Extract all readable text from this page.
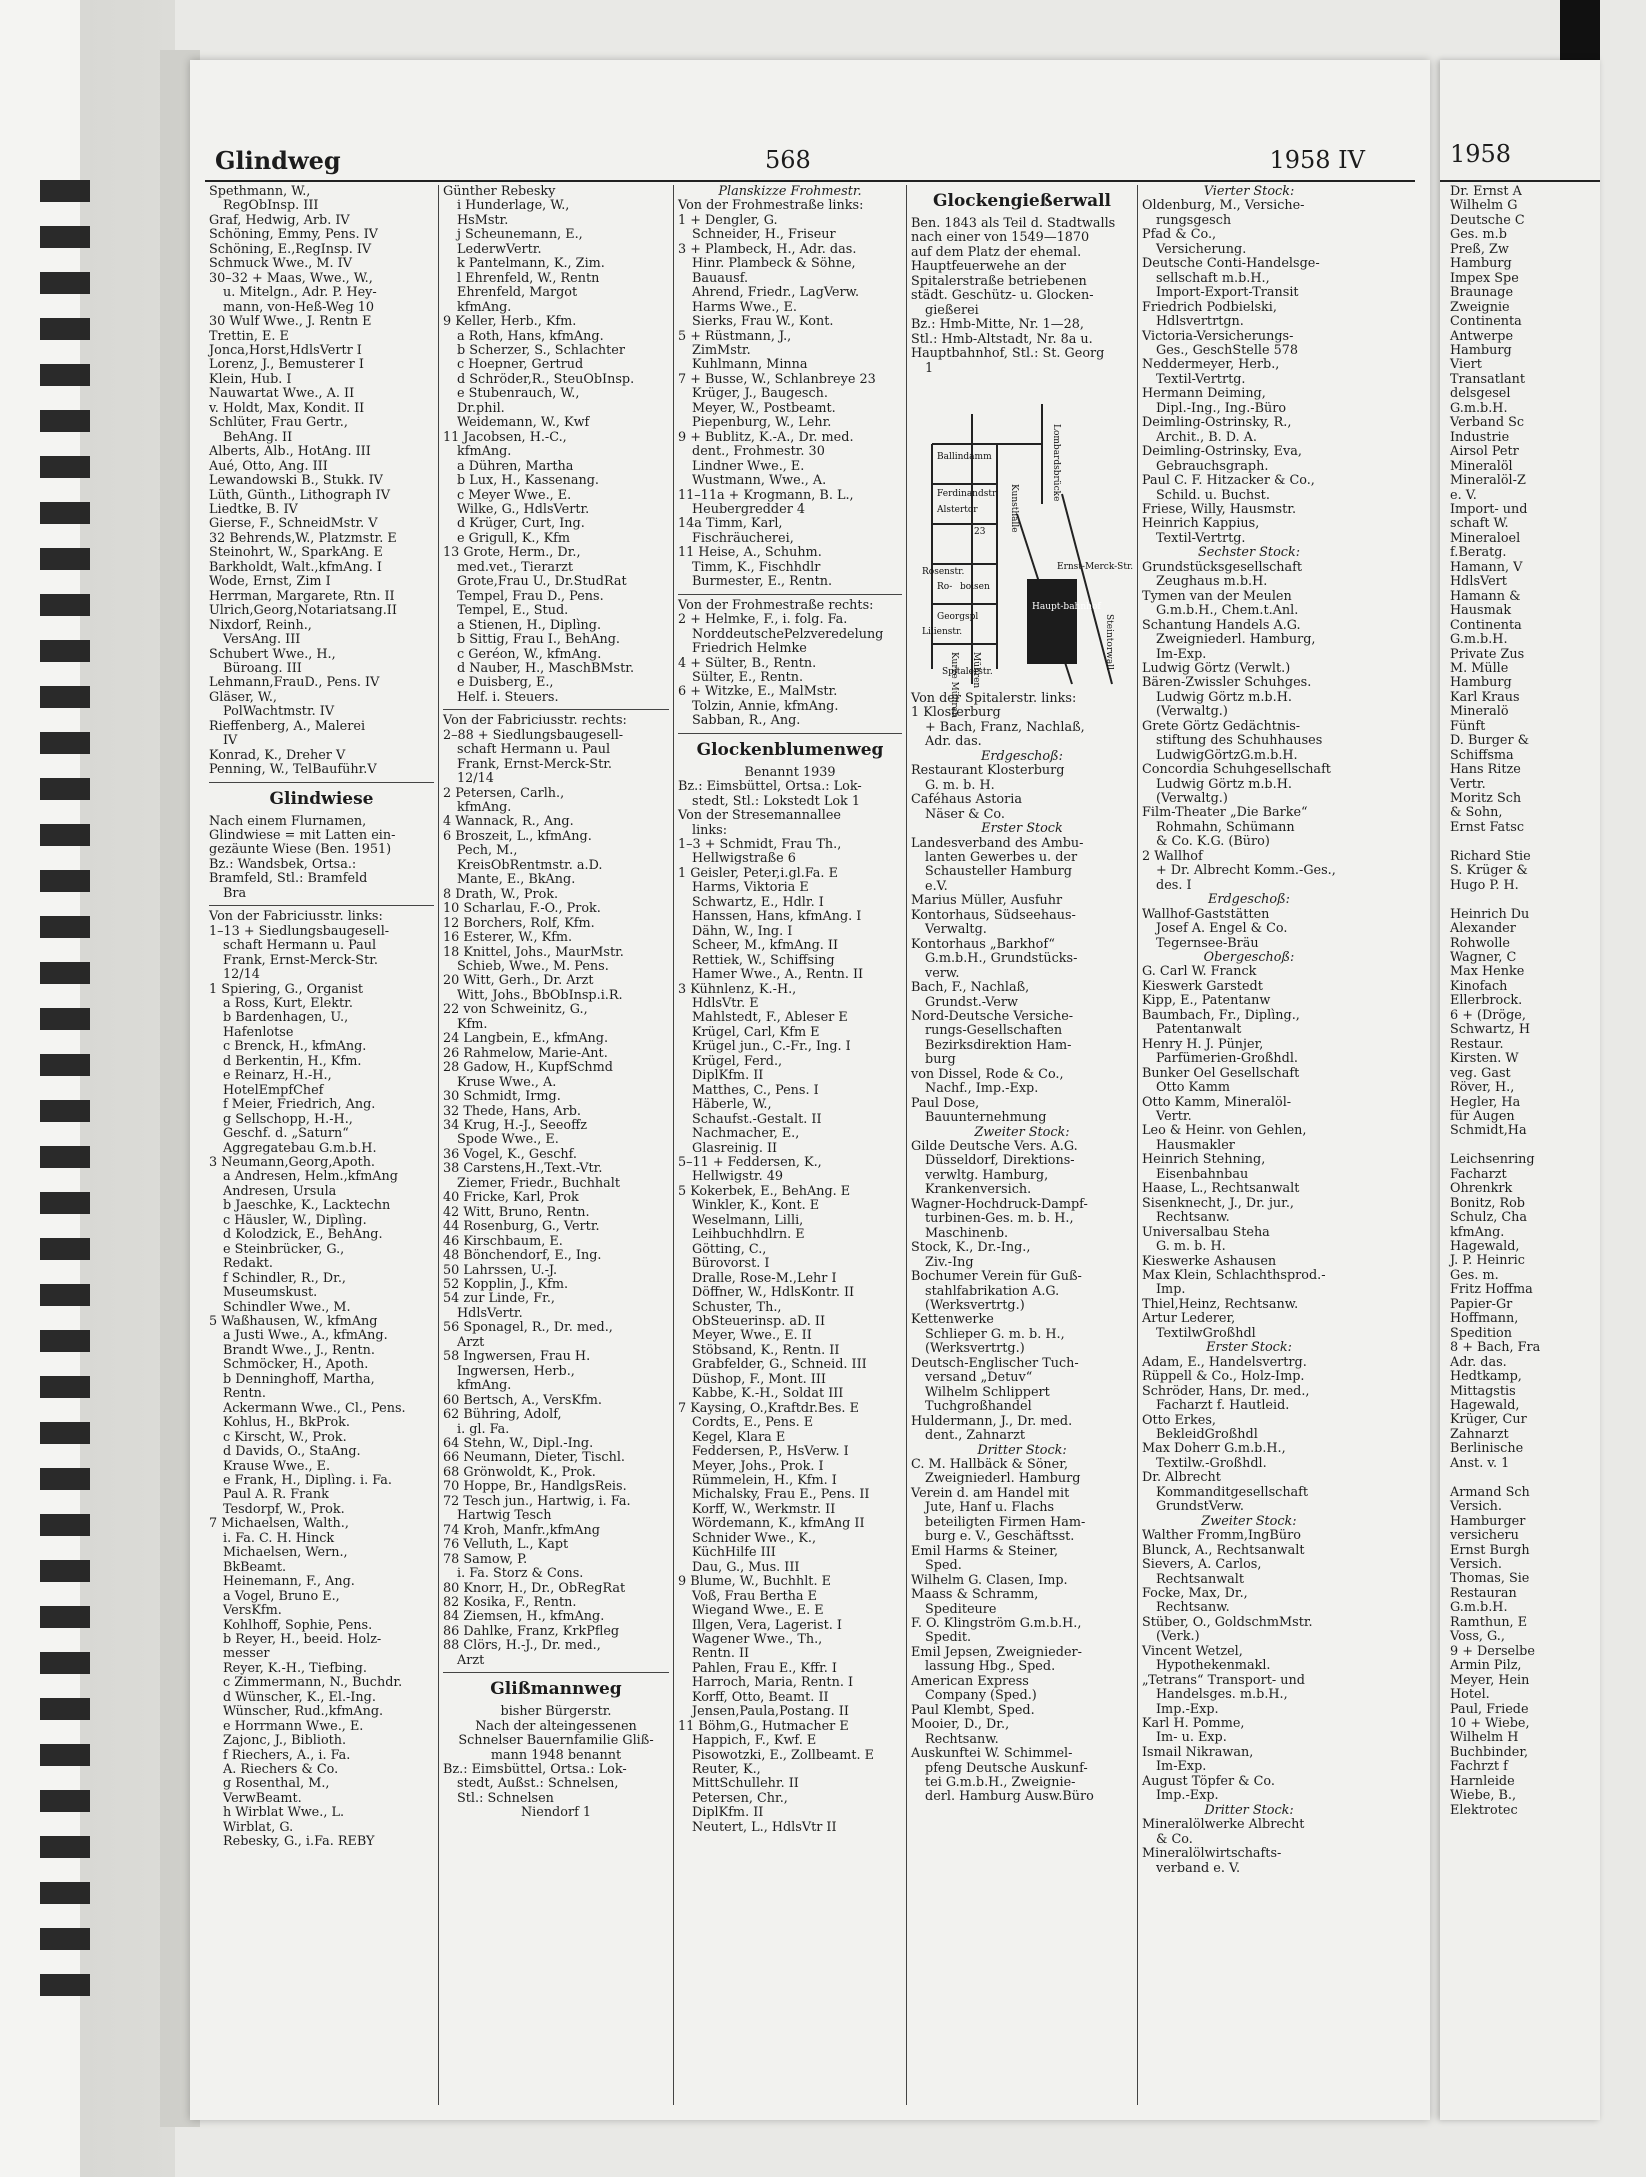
Glindweg	568	1958 IV
Spethmann, W.,
RegObInsp. III
Graf, Hedwig, Arb. IV
Schöning, Emmy, Pens. IV
Schöning, E.,RegInsp. IV
Schmuck Wwe., M. IV
30–32 + Maas, Wwe., W.,
u. Mitelgn., Adr. P. Hey-
mann, von-Heß-Weg 10
30 Wulf Wwe., J. Rentn E
Trettin, E. E
Jonca,Horst,HdlsVertr I
Lorenz, J., Bemusterer I
Klein, Hub. I
Nauwartat Wwe., A. II
v. Holdt, Max, Kondit. II
Schlüter, Frau Gertr.,
BehAng. II
Alberts, Alb., HotAng. III
Aué, Otto, Ang. III
Lewandowski B., Stukk. IV
Lüth, Günth., Lithograph IV
Liedtke, B. IV
Gierse, F., SchneidMstr. V
32 Behrends,W., Platzmstr. E
Steinohrt, W., SparkAng. E
Barkholdt, Walt.,kfmAng. I
Wode, Ernst, Zim I
Herrman, Margarete, Rtn. II
Ulrich,Georg,Notariatsang.II
Nixdorf, Reinh.,
VersAng. III
Schubert Wwe., H.,
Büroang. III
Lehmann,FrauD., Pens. IV
Gläser, W.,
PolWachtmstr. IV
Rieffenberg, A., Malerei
IV
Konrad, K., Dreher V
Penning, W., TelBauführ.V
Glindwiese
Nach einem Flurnamen,
Glindwiese = mit Latten ein-
gezäunte Wiese (Ben. 1951)
Bz.: Wandsbek, Ortsa.:
Bramfeld, Stl.: Bramfeld
Bra
Von der Fabriciusstr. links:
1–13 + Siedlungsbaugesell-
schaft Hermann u. Paul
Frank, Ernst-Merck-Str.
12/14
1 Spiering, G., Organist
a Ross, Kurt, Elektr.
b Bardenhagen, U.,
Hafenlotse
c Brenck, H., kfmAng.
d Berkentin, H., Kfm.
e Reinarz, H.-H.,
HotelEmpfChef
f Meier, Friedrich, Ang.
g Sellschopp, H.-H.,
Geschf. d. „Saturn“
Aggregatebau G.m.b.H.
3 Neumann,Georg,Apoth.
a Andresen, Helm.,kfmAng
Andresen, Ursula
b Jaeschke, K., Lacktechn
c Häusler, W., Diplìng.
d Kolodzick, E., BehAng.
e Steinbrücker, G.,
Redakt.
f Schindler, R., Dr.,
Museumskust.
Schindler Wwe., M.
5 Waßhausen, W., kfmAng
a Justi Wwe., A., kfmAng.
Brandt Wwe., J., Rentn.
Schmöcker, H., Apoth.
b Denninghoff, Martha,
Rentn.
Ackermann Wwe., Cl., Pens.
Kohlus, H., BkProk.
c Kirscht, W., Prok.
d Davids, O., StaAng.
Krause Wwe., E.
e Frank, H., Diplìng. i. Fa.
Paul A. R. Frank
Tesdorpf, W., Prok.
7 Michaelsen, Walth.,
i. Fa. C. H. Hinck
Michaelsen, Wern.,
BkBeamt.
Heinemann, F., Ang.
a Vogel, Bruno E.,
VersKfm.
Kohlhoff, Sophie, Pens.
b Reyer, H., beeid. Holz-
messer
Reyer, K.-H., Tiefbing.
c Zimmermann, N., Buchdr.
d Wünscher, K., El.-Ing.
Wünscher, Rud.,kfmAng.
e Horrmann Wwe., E.
Zajonc, J., Biblioth.
f Riechers, A., i. Fa.
A. Riechers & Co.
g Rosenthal, M.,
VerwBeamt.
h Wirblat Wwe., L.
Wirblat, G.
Rebesky, G., i.Fa. REBY
Günther Rebesky
i Hunderlage, W.,
HsMstr.
j Scheunemann, E.,
LederwVertr.
k Pantelmann, K., Zim.
l Ehrenfeld, W., Rentn
Ehrenfeld, Margot
kfmAng.
9 Keller, Herb., Kfm.
a Roth, Hans, kfmAng.
b Scherzer, S., Schlachter
c Hoepner, Gertrud
d Schröder,R., SteuObInsp.
e Stubenrauch, W.,
Dr.phil.
Weidemann, W., Kwf
11 Jacobsen, H.-C.,
kfmAng.
a Dühren, Martha
b Lux, H., Kassenang.
c Meyer Wwe., E.
Wilke, G., HdlsVertr.
d Krüger, Curt, Ing.
e Grigull, K., Kfm
13 Grote, Herm., Dr.,
med.vet., Tierarzt
Grote,Frau U., Dr.StudRat
Tempel, Frau D., Pens.
Tempel, E., Stud.
a Stienen, H., Diplìng.
b Sittig, Frau I., BehAng.
c Geréon, W., kfmAng.
d Nauber, H., MaschBMstr.
e Duisberg, E.,
Helf. i. Steuers.
Von der Fabriciusstr. rechts:
2–88 + Siedlungsbaugesell-
schaft Hermann u. Paul
Frank, Ernst-Merck-Str.
12/14
2 Petersen, Carlh.,
kfmAng.
4 Wannack, R., Ang.
6 Broszeit, L., kfmAng.
Pech, M.,
KreisObRentmstr. a.D.
Mante, E., BkAng.
8 Drath, W., Prok.
10 Scharlau, F.-O., Prok.
12 Borchers, Rolf, Kfm.
16 Esterer, W., Kfm.
18 Knittel, Johs., MaurMstr.
Schieb, Wwe., M. Pens.
20 Witt, Gerh., Dr. Arzt
Witt, Johs., BbObInsp.i.R.
22 von Schweinitz, G.,
Kfm.
24 Langbein, E., kfmAng.
26 Rahmelow, Marie-Ant.
28 Gadow, H., KupfSchmd
Kruse Wwe., A.
30 Schmidt, Irmg.
32 Thede, Hans, Arb.
34 Krug, H.-J., Seeoffz
Spode Wwe., E.
36 Vogel, K., Geschf.
38 Carstens,H.,Text.-Vtr.
Ziemer, Friedr., Buchhalt
40 Fricke, Karl, Prok
42 Witt, Bruno, Rentn.
44 Rosenburg, G., Vertr.
46 Kirschbaum, E.
48 Bönchendorf, E., Ing.
50 Lahrssen, U.-J.
52 Kopplin, J., Kfm.
54 zur Linde, Fr.,
HdlsVertr.
56 Sponagel, R., Dr. med.,
Arzt
58 Ingwersen, Frau H.
Ingwersen, Herb.,
kfmAng.
60 Bertsch, A., VersKfm.
62 Bühring, Adolf,
i. gl. Fa.
64 Stehn, W., Dipl.-Ing.
66 Neumann, Dieter, Tischl.
68 Grönwoldt, K., Prok.
70 Hoppe, Br., HandlgsReis.
72 Tesch jun., Hartwig, i. Fa.
Hartwig Tesch
74 Kroh, Manfr.,kfmAng
76 Velluth, L., Kapt
78 Samow, P.
i. Fa. Storz & Cons.
80 Knorr, H., Dr., ObRegRat
82 Kosika, F., Rentn.
84 Ziemsen, H., kfmAng.
86 Dahlke, Franz, KrkPfleg
88 Clörs, H.-J., Dr. med.,
Arzt
Glißmannweg
bisher Bürgerstr.
Nach der alteingessenen
Schnelser Bauernfamilie Gliß-
mann 1948 benannt
Bz.: Eimsbüttel, Ortsa.: Lok-
stedt, Außst.: Schnelsen,
Stl.: Schnelsen
Niendorf 1
Planskizze Frohmestr.
Von der Frohmestraße links:
1 + Dengler, G.
Schneider, H., Friseur
3 + Plambeck, H., Adr. das.
Hinr. Plambeck & Söhne,
Bauausf.
Ahrend, Friedr., LagVerw.
Harms Wwe., E.
Sierks, Frau W., Kont.
5 + Rüstmann, J.,
ZimMstr.
Kuhlmann, Minna
7 + Busse, W., Schlanbreye 23
Krüger, J., Baugesch.
Meyer, W., Postbeamt.
Piepenburg, W., Lehr.
9 + Bublitz, K.-A., Dr. med.
dent., Frohmestr. 30
Lindner Wwe., E.
Wustmann, Wwe., A.
11–11a + Krogmann, B. L.,
Heubergredder 4
14a Timm, Karl,
Fischräucherei,
11 Heise, A., Schuhm.
Timm, K., Fischhdlr
Burmester, E., Rentn.
Von der Frohmestraße rechts:
2 + Helmke, F., i. folg. Fa.
NorddeutschePelzveredelung
Friedrich Helmke
4 + Sülter, B., Rentn.
Sülter, E., Rentn.
6 + Witzke, E., MalMstr.
Tolzin, Annie, kfmAng.
Sabban, R., Ang.
Glockenblumenweg
Benannt 1939
Bz.: Eimsbüttel, Ortsa.: Lok-
stedt, Stl.: Lokstedt Lok 1
Von der Stresemannallee
links:
1–3 + Schmidt, Frau Th.,
Hellwigstraße 6
1 Geisler, Peter,i.gl.Fa. E
Harms, Viktoria E
Schwartz, E., Hdlr. I
Hanssen, Hans, kfmAng. I
Dähn, W., Ing. I
Scheer, M., kfmAng. II
Rettiek, W., Schiffsing
Hamer Wwe., A., Rentn. II
3 Kühnlenz, K.-H.,
HdlsVtr. E
Mahlstedt, F., Ableser E
Krügel, Carl, Kfm E
Krügel jun., C.-Fr., Ing. I
Krügel, Ferd.,
DiplKfm. II
Matthes, C., Pens. I
Häberle, W.,
Schaufst.-Gestalt. II
Nachmacher, E.,
Glasreinig. II
5–11 + Feddersen, K.,
Hellwigstr. 49
5 Kokerbek, E., BehAng. E
Winkler, K., Kont. E
Weselmann, Lilli,
Leihbuchhdlrn. E
Götting, C.,
Bürovorst. I
Dralle, Rose-M.,Lehr I
Döffner, W., HdlsKontr. II
Schuster, Th.,
ObSteuerinsp. aD. II
Meyer, Wwe., E. II
Stöbsand, K., Rentn. II
Grabfelder, G., Schneid. III
Düshop, F., Mont. III
Kabbe, K.-H., Soldat III
7 Kaysing, O.,Kraftdr.Bes. E
Cordts, E., Pens. E
Kegel, Klara E
Feddersen, P., HsVerw. I
Meyer, Johs., Prok. I
Rümmelein, H., Kfm. I
Michalsky, Frau E., Pens. II
Korff, W., Werkmstr. II
Wördemann, K., kfmAng II
Schnider Wwe., K.,
KüchHilfe III
Dau, G., Mus. III
9 Blume, W., Buchhlt. E
Voß, Frau Bertha E
Wiegand Wwe., E. E
Illgen, Vera, Lagerist. I
Wagener Wwe., Th.,
Rentn. II
Pahlen, Frau E., Kffr. I
Harroch, Maria, Rentn. I
Korff, Otto, Beamt. II
Jensen,Paula,Postang. II
11 Böhm,G., Hutmacher E
Happich, F., Kwf. E
Pisowotzki, E., Zollbeamt. E
Reuter, K.,
MittSchullehr. II
Petersen, Chr.,
DiplKfm. II
Neutert, L., HdlsVtr II
Glockengießerwall
Ben. 1843 als Teil d. Stadtwalls
nach einer von 1549—1870
auf dem Platz der ehemal.
Hauptfeuerwehe an der
Spitalerstraße betriebenen
städt. Geschütz- u. Glocken-
gießerei
Bz.: Hmb-Mitte, Nr. 1—28,
Stl.: Hmb-Altstadt, Nr. 8a u.
Hauptbahnhof, Stl.: St. Georg
1
Lombardsbrücke
Ballindamm
Ferdinandstr
Alstertor
23
Rosenstr.
Ro- boisen
Georgspl
Lilienstr.
Kurze Mühren Mühren
Spitalerstr.
Ernst-Merck-Str.
Haupt-bahnhof
Steintorwall
Kunsthalle
Von der Spitalerstr. links:
1 Klosterburg
+ Bach, Franz, Nachlaß,
Adr. das.
Erdgeschoß:
Restaurant Klosterburg
G. m. b. H.
Caféhaus Astoria
Näser & Co.
Erster Stock
Landesverband des Ambu-
lanten Gewerbes u. der
Schausteller Hamburg
e.V.
Marius Müller, Ausfuhr
Kontorhaus, Südseehaus-
Verwaltg.
Kontorhaus „Barkhof“
G.m.b.H., Grundstücks-
verw.
Bach, F., Nachlaß,
Grundst.-Verw
Nord-Deutsche Versiche-
rungs-Gesellschaften
Bezirksdirektion Ham-
burg
von Dissel, Rode & Co.,
Nachf., Imp.-Exp.
Paul Dose,
Bauunternehmung
Zweiter Stock:
Gilde Deutsche Vers. A.G.
Düsseldorf, Direktions-
verwltg. Hamburg,
Krankenversich.
Wagner-Hochdruck-Dampf-
turbinen-Ges. m. b. H.,
Maschinenb.
Stock, K., Dr.-Ing.,
Ziv.-Ing
Bochumer Verein für Guß-
stahlfabrikation A.G.
(Werksvertrtg.)
Kettenwerke
Schlieper G. m. b. H.,
(Werksvertrtg.)
Deutsch-Englischer Tuch-
versand „Detuv“
Wilhelm Schlippert
Tuchgroßhandel
Huldermann, J., Dr. med.
dent., Zahnarzt
Dritter Stock:
C. M. Hallbäck & Söner,
Zweigniederl. Hamburg
Verein d. am Handel mit
Jute, Hanf u. Flachs
beteiligten Firmen Ham-
burg e. V., Geschäftsst.
Emil Harms & Steiner,
Sped.
Wilhelm G. Clasen, Imp.
Maass & Schramm,
Spediteure
F. O. Klingström G.m.b.H.,
Spedit.
Emil Jepsen, Zweignieder-
lassung Hbg., Sped.
American Express
Company (Sped.)
Paul Klembt, Sped.
Mooier, D., Dr.,
Rechtsanw.
Auskunftei W. Schimmel-
pfeng Deutsche Auskunf-
tei G.m.b.H., Zweignie-
derl. Hamburg Ausw.Büro
Vierter Stock:
Oldenburg, M., Versiche-
rungsgesch
Pfad & Co.,
Versicherung.
Deutsche Conti-Handelsge-
sellschaft m.b.H.,
Import-Export-Transit
Friedrich Podbielski,
Hdlsvertrtgn.
Victoria-Versicherungs-
Ges., GeschStelle 578
Neddermeyer, Herb.,
Textil-Vertrtg.
Hermann Deiming,
Dipl.-Ing., Ing.-Büro
Deimling-Ostrinsky, R.,
Archit., B. D. A.
Deimling-Ostrinsky, Eva,
Gebrauchsgraph.
Paul C. F. Hitzacker & Co.,
Schild. u. Buchst.
Friese, Willy, Hausmstr.
Heinrich Kappius,
Textil-Vertrtg.
Sechster Stock:
Grundstücksgesellschaft
Zeughaus m.b.H.
Tymen van der Meulen
G.m.b.H., Chem.t.Anl.
Schantung Handels A.G.
Zweigniederl. Hamburg,
Im-Exp.
Ludwig Görtz (Verwlt.)
Bären-Zwissler Schuhges.
Ludwig Görtz m.b.H.
(Verwaltg.)
Grete Görtz Gedächtnis-
stiftung des Schuhhauses
LudwigGörtzG.m.b.H.
Concordia Schuhgesellschaft
Ludwig Görtz m.b.H.
(Verwaltg.)
Film-Theater „Die Barke“
Rohmahn, Schümann
& Co. K.G. (Büro)
2 Wallhof
+ Dr. Albrecht Komm.-Ges.,
des. I
Erdgeschoß:
Wallhof-Gaststätten
Josef A. Engel & Co.
Tegernsee-Bräu
Obergeschoß:
G. Carl W. Franck
Kieswerk Garstedt
Kipp, E., Patentanw
Baumbach, Fr., Diplìng.,
Patentanwalt
Henry H. J. Pünjer,
Parfümerien-Großhdl.
Bunker Oel Gesellschaft
Otto Kamm
Otto Kamm, Mineralöl-
Vertr.
Leo & Heinr. von Gehlen,
Hausmakler
Heinrich Stehning,
Eisenbahnbau
Haase, L., Rechtsanwalt
Sisenknecht, J., Dr. jur.,
Rechtsanw.
Universalbau Steha
G. m. b. H.
Kieswerke Ashausen
Max Klein, Schlachthsprod.-
Imp.
Thiel,Heinz, Rechtsanw.
Artur Lederer,
TextilwGroßhdl
Erster Stock:
Adam, E., Handelsvertrg.
Rüppell & Co., Holz-Imp.
Schröder, Hans, Dr. med.,
Facharzt f. Hautleid.
Otto Erkes,
BekleidGroßhdl
Max Doherr G.m.b.H.,
Textilw.-Großhdl.
Dr. Albrecht
Kommanditgesellschaft
GrundstVerw.
Zweiter Stock:
Walther Fromm,IngBüro
Blunck, A., Rechtsanwalt
Sievers, A. Carlos,
Rechtsanwalt
Focke, Max, Dr.,
Rechtsanw.
Stüber, O., GoldschmMstr.
(Verk.)
Vincent Wetzel,
Hypothekenmakl.
„Tetrans“ Transport- und
Handelsges. m.b.H.,
Imp.-Exp.
Karl H. Pomme,
Im- u. Exp.
Ismail Nikrawan,
Im-Exp.
August Töpfer & Co.
Imp.-Exp.
Dritter Stock:
Mineralölwerke Albrecht
& Co.
Mineralölwirtschafts-
verband e. V.
1958
Dr. Ernst A
Wilhelm G
Deutsche C
Ges. m.b
Preß, Zw
Hamburg
Impex Spe
Braunage
Zweignie
Continenta
Antwerpe
Hamburg
Viert
Transatlant
delsgesel
G.m.b.H.
Verband Sc
Industrie
Airsol Petr
Mineralöl
Mineralöl-Z
e. V.
Import- und
schaft W.
Mineraloel
f.Beratg.
Hamann, V
HdlsVert
Hamann &
Hausmak
Continenta
G.m.b.H.
Private Zus
M. Mülle
Hamburg
Karl Kraus
Mineralö
Fünft
D. Burger &
Schiffsma
Hans Ritze
Vertr.
Moritz Sch
& Sohn,
Ernst Fatsc
Richard Stie
S. Krüger &
Hugo P. H.
Heinrich Du
Alexander
Rohwolle
Wagner, C
Max Henke
Kinofach
Ellerbrock.
6 + (Dröge,
Schwartz, H
Restaur.
Kirsten. W
veg. Gast
Röver, H.,
Hegler, Ha
für Augen
Schmidt,Ha
Leichsenring
Facharzt
Ohrenkrk
Bonitz, Rob
Schulz, Cha
kfmAng.
Hagewald,
J. P. Heinric
Ges. m.
Fritz Hoffma
Papier-Gr
Hoffmann,
Spedition
8 + Bach, Fra
Adr. das.
Hedtkamp,
Mittagstis
Hagewald,
Krüger, Cur
Zahnarzt
Berlinische
Anst. v. 1
Armand Sch
Versich.
Hamburger
versicheru
Ernst Burgh
Versich.
Thomas, Sie
Restauran
G.m.b.H.
Ramthun, E
Voss, G.,
9 + Derselbe
Armin Pilz,
Meyer, Hein
Hotel.
Paul, Friede
10 + Wiebe,
Wilhelm H
Buchbinder,
Fachrzt f
Harnleide
Wiebe, B.,
Elektrotec
